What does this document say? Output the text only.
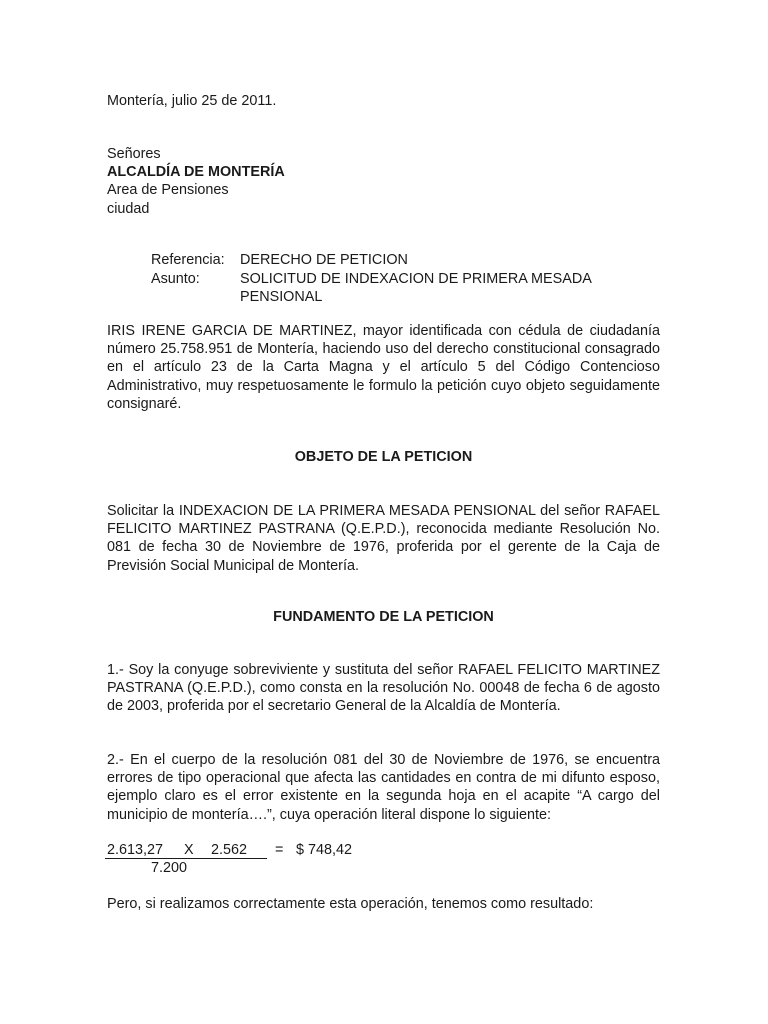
Montería, julio 25 de 2011.
Señores
ALCALDÍA DE MONTERÍA
Area de Pensiones
ciudad
Referencia: DERECHO DE PETICION
Asunto:	SOLICITUD DE INDEXACION DE PRIMERA MESADA PENSIONAL

IRIS IRENE GARCIA DE MARTINEZ, mayor identificada con cédula de ciudadanía número 25.758.951 de Montería, haciendo uso del derecho constitucional consagrado en el artículo 23 de la Carta Magna y el artículo 5 del Código Contencioso Administrativo, muy respetuosamente le formulo la petición cuyo objeto seguidamente consignaré.

OBJETO DE LA PETICION

Solicitar la INDEXACION DE LA PRIMERA MESADA PENSIONAL del señor RAFAEL FELICITO MARTINEZ PASTRANA (Q.E.P.D.), reconocida mediante Resolución No. 081 de fecha 30 de Noviembre de 1976, proferida por el gerente de la Caja de Previsión Social Municipal de Montería.

FUNDAMENTO DE LA PETICION

1.- Soy la conyuge sobreviviente y sustituta del señor RAFAEL FELICITO MARTINEZ PASTRANA (Q.E.P.D.), como consta en la resolución No. 00048 de fecha 6 de agosto de 2003, proferida por el secretario General de la Alcaldía de Montería.

2.- En el cuerpo de la resolución 081 del 30 de Noviembre de 1976, se encuentra errores de tipo operacional que afecta las cantidades en contra de mi difunto esposo, ejemplo claro es el error existente en la segunda hoja en el acapite “A cargo del municipio de montería….”, cuya operación literal dispone lo siguiente:

2.613,27 X 2.562 = $ 748,42
7.200
Pero, si realizamos correctamente esta operación, tenemos como resultado:
